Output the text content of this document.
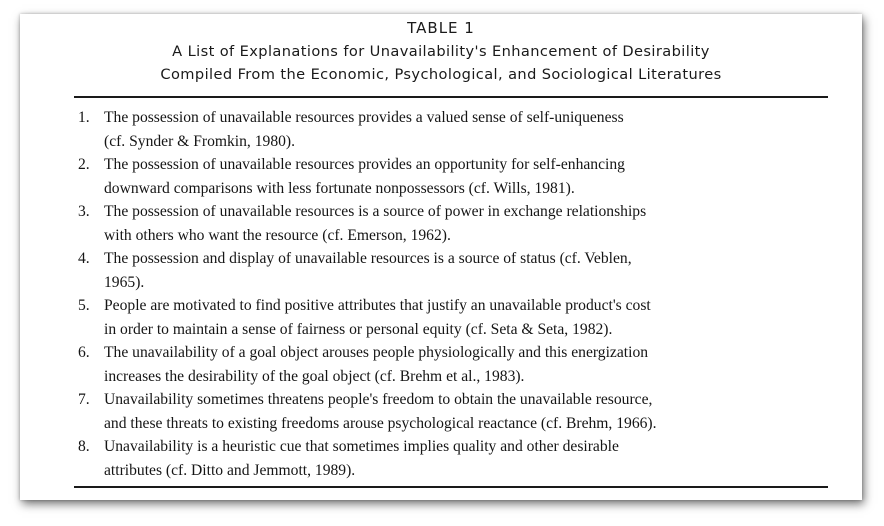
TABLE 1
A List of Explanations for Unavailability's Enhancement of Desirability
Compiled From the Economic, Psychological, and Sociological Literatures
1. The possession of unavailable resources provides a valued sense of self-uniqueness
(cf. Synder & Fromkin, 1980).
2. The possession of unavailable resources provides an opportunity for self-enhancing
downward comparisons with less fortunate nonpossessors (cf. Wills, 1981).
3. The possession of unavailable resources is a source of power in exchange relationships
with others who want the resource (cf. Emerson, 1962).
4. The possession and display of unavailable resources is a source of status (cf. Veblen,
1965).
5. People are motivated to find positive attributes that justify an unavailable product's cost
in order to maintain a sense of fairness or personal equity (cf. Seta & Seta, 1982).
6. The unavailability of a goal object arouses people physiologically and this energization
increases the desirability of the goal object (cf. Brehm et al., 1983).
7. Unavailability sometimes threatens people's freedom to obtain the unavailable resource,
and these threats to existing freedoms arouse psychological reactance (cf. Brehm, 1966).
8. Unavailability is a heuristic cue that sometimes implies quality and other desirable
attributes (cf. Ditto and Jemmott, 1989).
